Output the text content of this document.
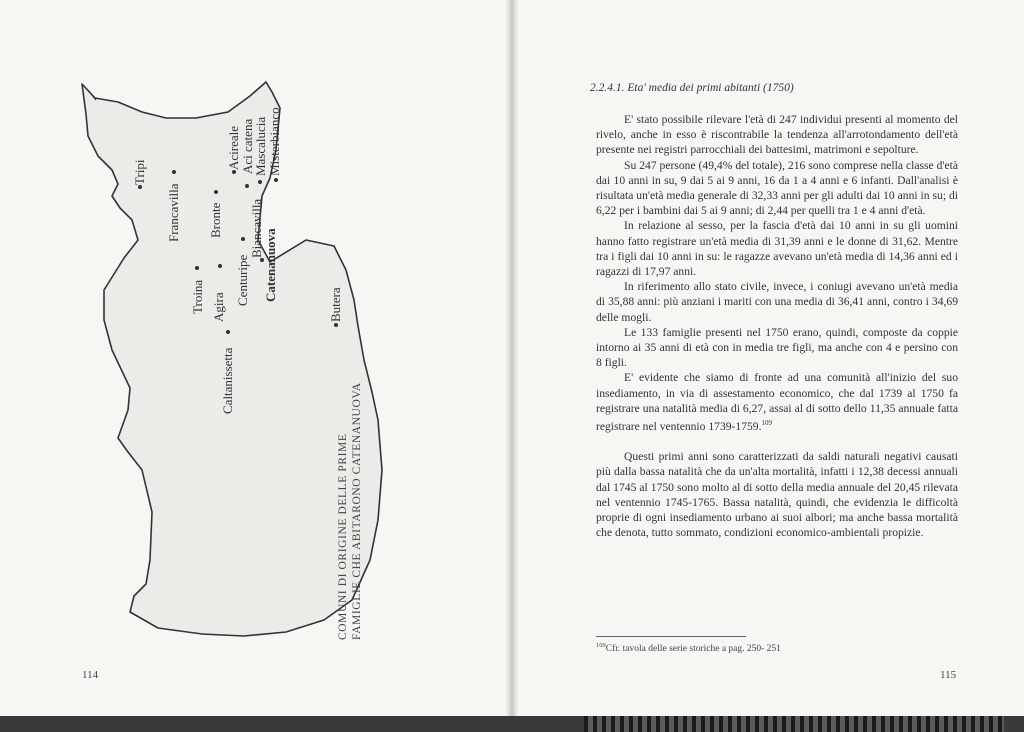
Tripi
Francavilla Bronte
Acireale Aci catena
Mascalucia Misterbianco
Centuripe
Biancavilla Catenanuova
Troina Agira	Butera
Caltanissetta
COMUNI DI ORIGINE DELLE PRIME FAMIGLIE CHE ABITARONO CATENANUOVA
114
2.2.4.1. Eta' media dei primi abitanti (1750)

E' stato possibile rilevare l'età di 247 individui presenti al momento del rivelo, anche in esso è riscontrabile la tendenza all'arrotondamento dell'età presente nei registri parrocchiali dei battesimi, matrimoni e sepolture.

Su 247 persone (49,4% del totale), 216 sono comprese nella classe d'età dai 10 anni in su, 9 dai 5 ai 9 anni, 16 da 1 a 4 anni e 6 infanti. Dall'analisi è risultata un'età media generale di 32,33 anni per gli adulti dai 10 anni in su; di 6,22 per i bambini dai 5 ai 9 anni; di 2,44 per quelli tra 1 e 4 anni d'età.

In relazione al sesso, per la fascia d'età dai 10 anni in su gli uomini hanno fatto registrare un'età media di 31,39 anni e le donne di 31,62. Mentre tra i figli dai 10 anni in su: le ragazze avevano un'età media di 14,36 anni ed i ragazzi di 17,97 anni.

In riferimento allo stato civile, invece, i coniugi avevano un'età media di 35,88 anni: più anziani i mariti con una media di 36,41 anni, contro i 34,69 delle mogli.

Le 133 famiglie presenti nel 1750 erano, quindi, composte da coppie intorno ai 35 anni di età con in media tre figli, ma anche con 4 e persino con 8 figli.

E' evidente che siamo di fronte ad una comunità all'inizio del suo insediamento, in via di assestamento economico, che dal 1739 al 1750 fa registrare una natalità media di 6,27, assai al di sotto dello 11,35 annuale fatta registrare nel ventennio 1739-1759.$^{109}$

Questi primi anni sono caratterizzati da saldi naturali negativi causati più dalla bassa natalità che da un'alta mortalità, infatti i 12,38 decessi annuali dal 1745 al 1750 sono molto al di sotto della media annuale del 20,45 rilevata nel ventennio 1745-1765. Bassa natalità, quindi, che evidenzia le difficoltà proprie di ogni insediamento urbano ai suoi albori; ma anche bassa mortalità che denota, tutto sommato, condizioni economico-ambientali propizie.

$^{109}$Cfr. tavola delle serie storiche a pag. 250- 251
115
